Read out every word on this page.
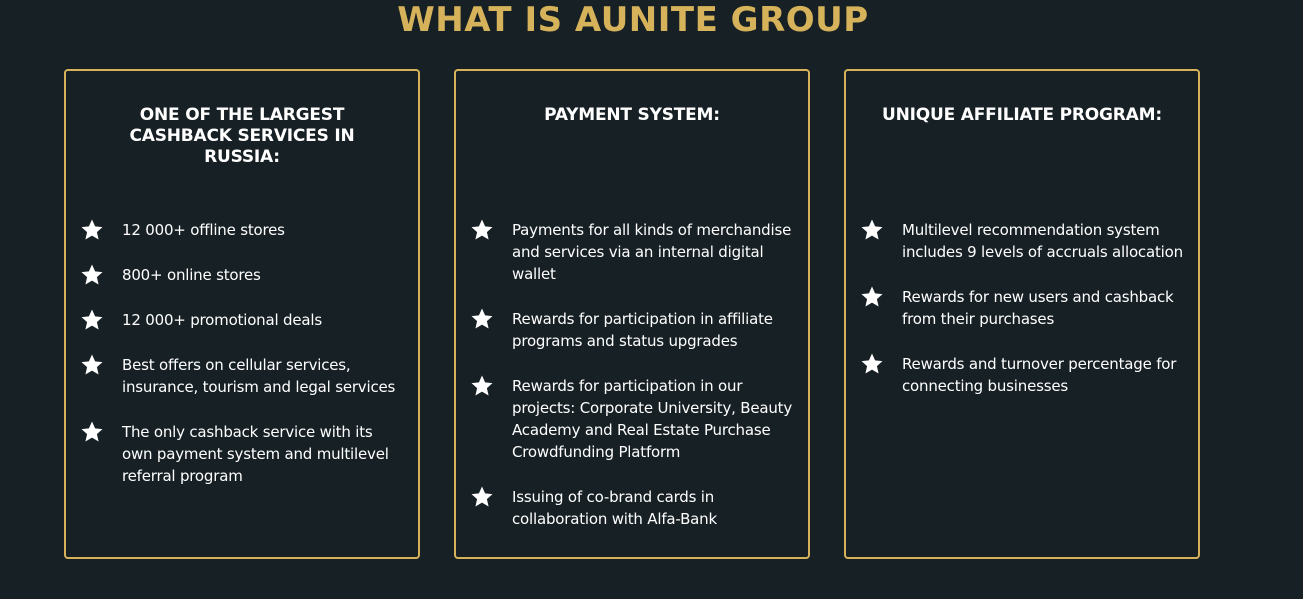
WHAT IS AUNITE GROUP
ONE OF THE LARGEST CASHBACK SERVICES IN RUSSIA:
12 000+ offline stores
800+ online stores
12 000+ promotional deals
Best offers on cellular services, insurance, tourism and legal services
The only cashback service with its own payment system and multilevel referral program
PAYMENT SYSTEM:
Payments for all kinds of merchandise and services via an internal digital wallet
Rewards for participation in affiliate programs and status upgrades
Rewards for participation in our projects: Corporate University, Beauty Academy and Real Estate Purchase Crowdfunding Platform
Issuing of co-brand cards in collaboration with Alfa-Bank
UNIQUE AFFILIATE PROGRAM:
Multilevel recommendation system includes 9 levels of accruals allocation
Rewards for new users and cashback from their purchases
Rewards and turnover percentage for connecting businesses
